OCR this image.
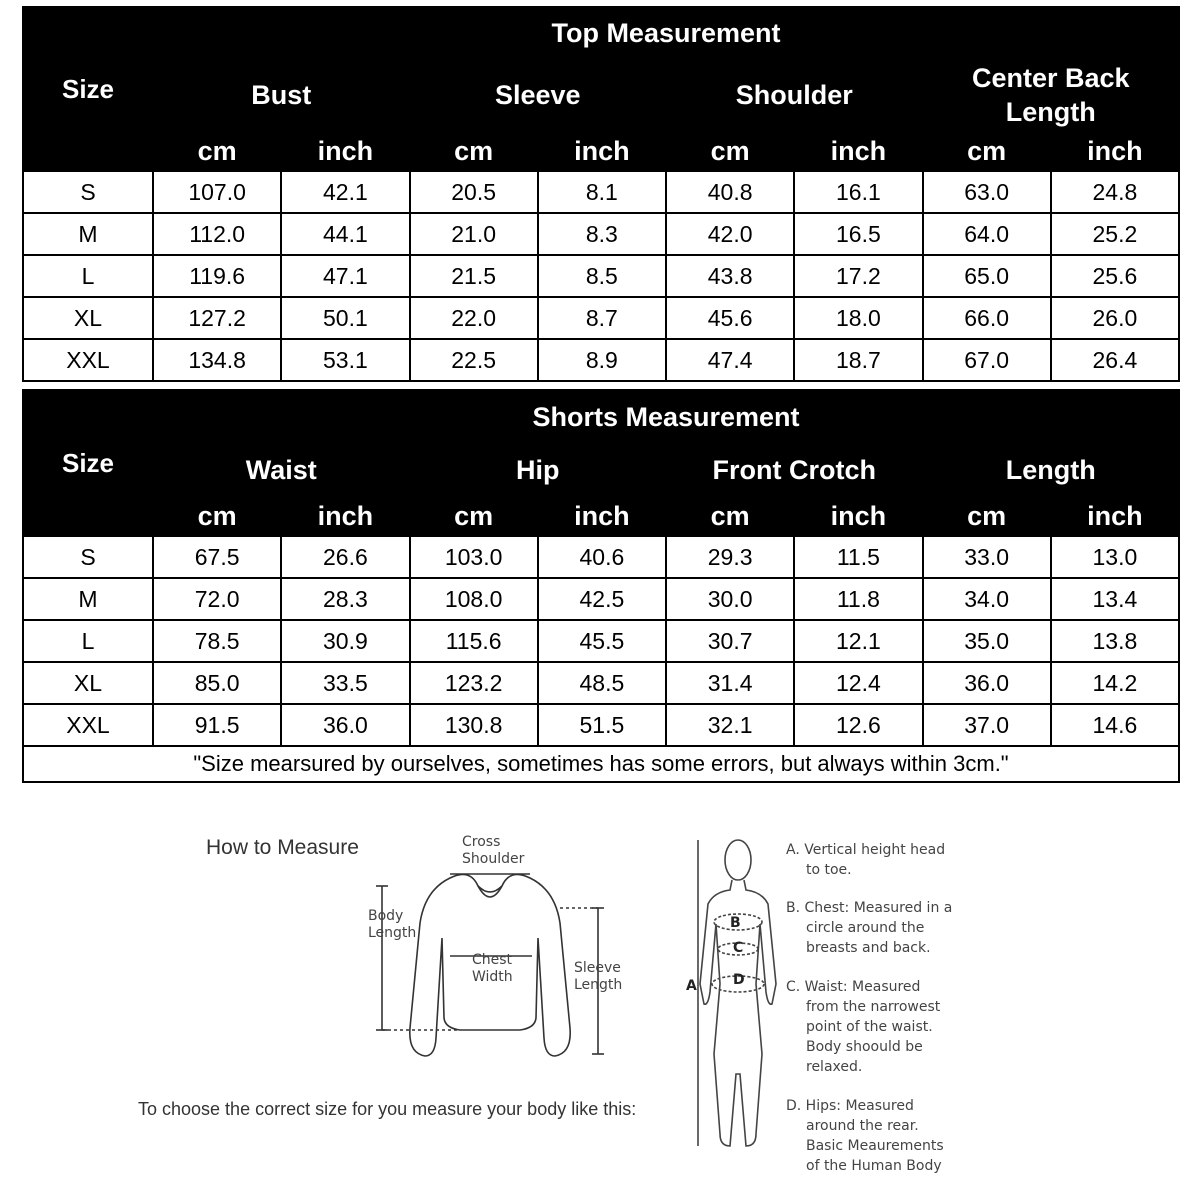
Size	Top Measurement							
	Bust		Sleeve		Shoulder		Center Back Length	
	cm	inch	cm	inch	cm	inch	cm	inch
S	107.0	42.1	20.5	8.1	40.8	16.1	63.0	24.8
M	112.0	44.1	21.0	8.3	42.0	16.5	64.0	25.2
L	119.6	47.1	21.5	8.5	43.8	17.2	65.0	25.6
XL	127.2	50.1	22.0	8.7	45.6	18.0	66.0	26.0
XXL	134.8	53.1	22.5	8.9	47.4	18.7	67.0	26.4
Size	Shorts Measurement							
	Waist		Hip		Front Crotch		Length	
	cm	inch	cm	inch	cm	inch	cm	inch
S	67.5	26.6	103.0	40.6	29.3	11.5	33.0	13.0
M	72.0	28.3	108.0	42.5	30.0	11.8	34.0	13.4
L	78.5	30.9	115.6	45.5	30.7	12.1	35.0	13.8
XL	85.0	33.5	123.2	48.5	31.4	12.4	36.0	14.2
XXL	91.5	36.0	130.8	51.5	32.1	12.6	37.0	14.6
"Size mearsured by ourselves, sometimes has some errors, but always within 3cm."								
How to Measure
To choose the correct size for you measure your body like this:
Cross
Shoulder
Body
Length
Chest
Width
Sleeve
Length
B
C
D
A
A. Vertical height head
to toe.
B. Chest: Measured in a
circle around the
breasts and back.
C. Waist: Measured
from the narrowest
point of the waist.
Body shoould be
relaxed.
D. Hips: Measured
around the rear.
Basic Meaurements
of the Human Body
